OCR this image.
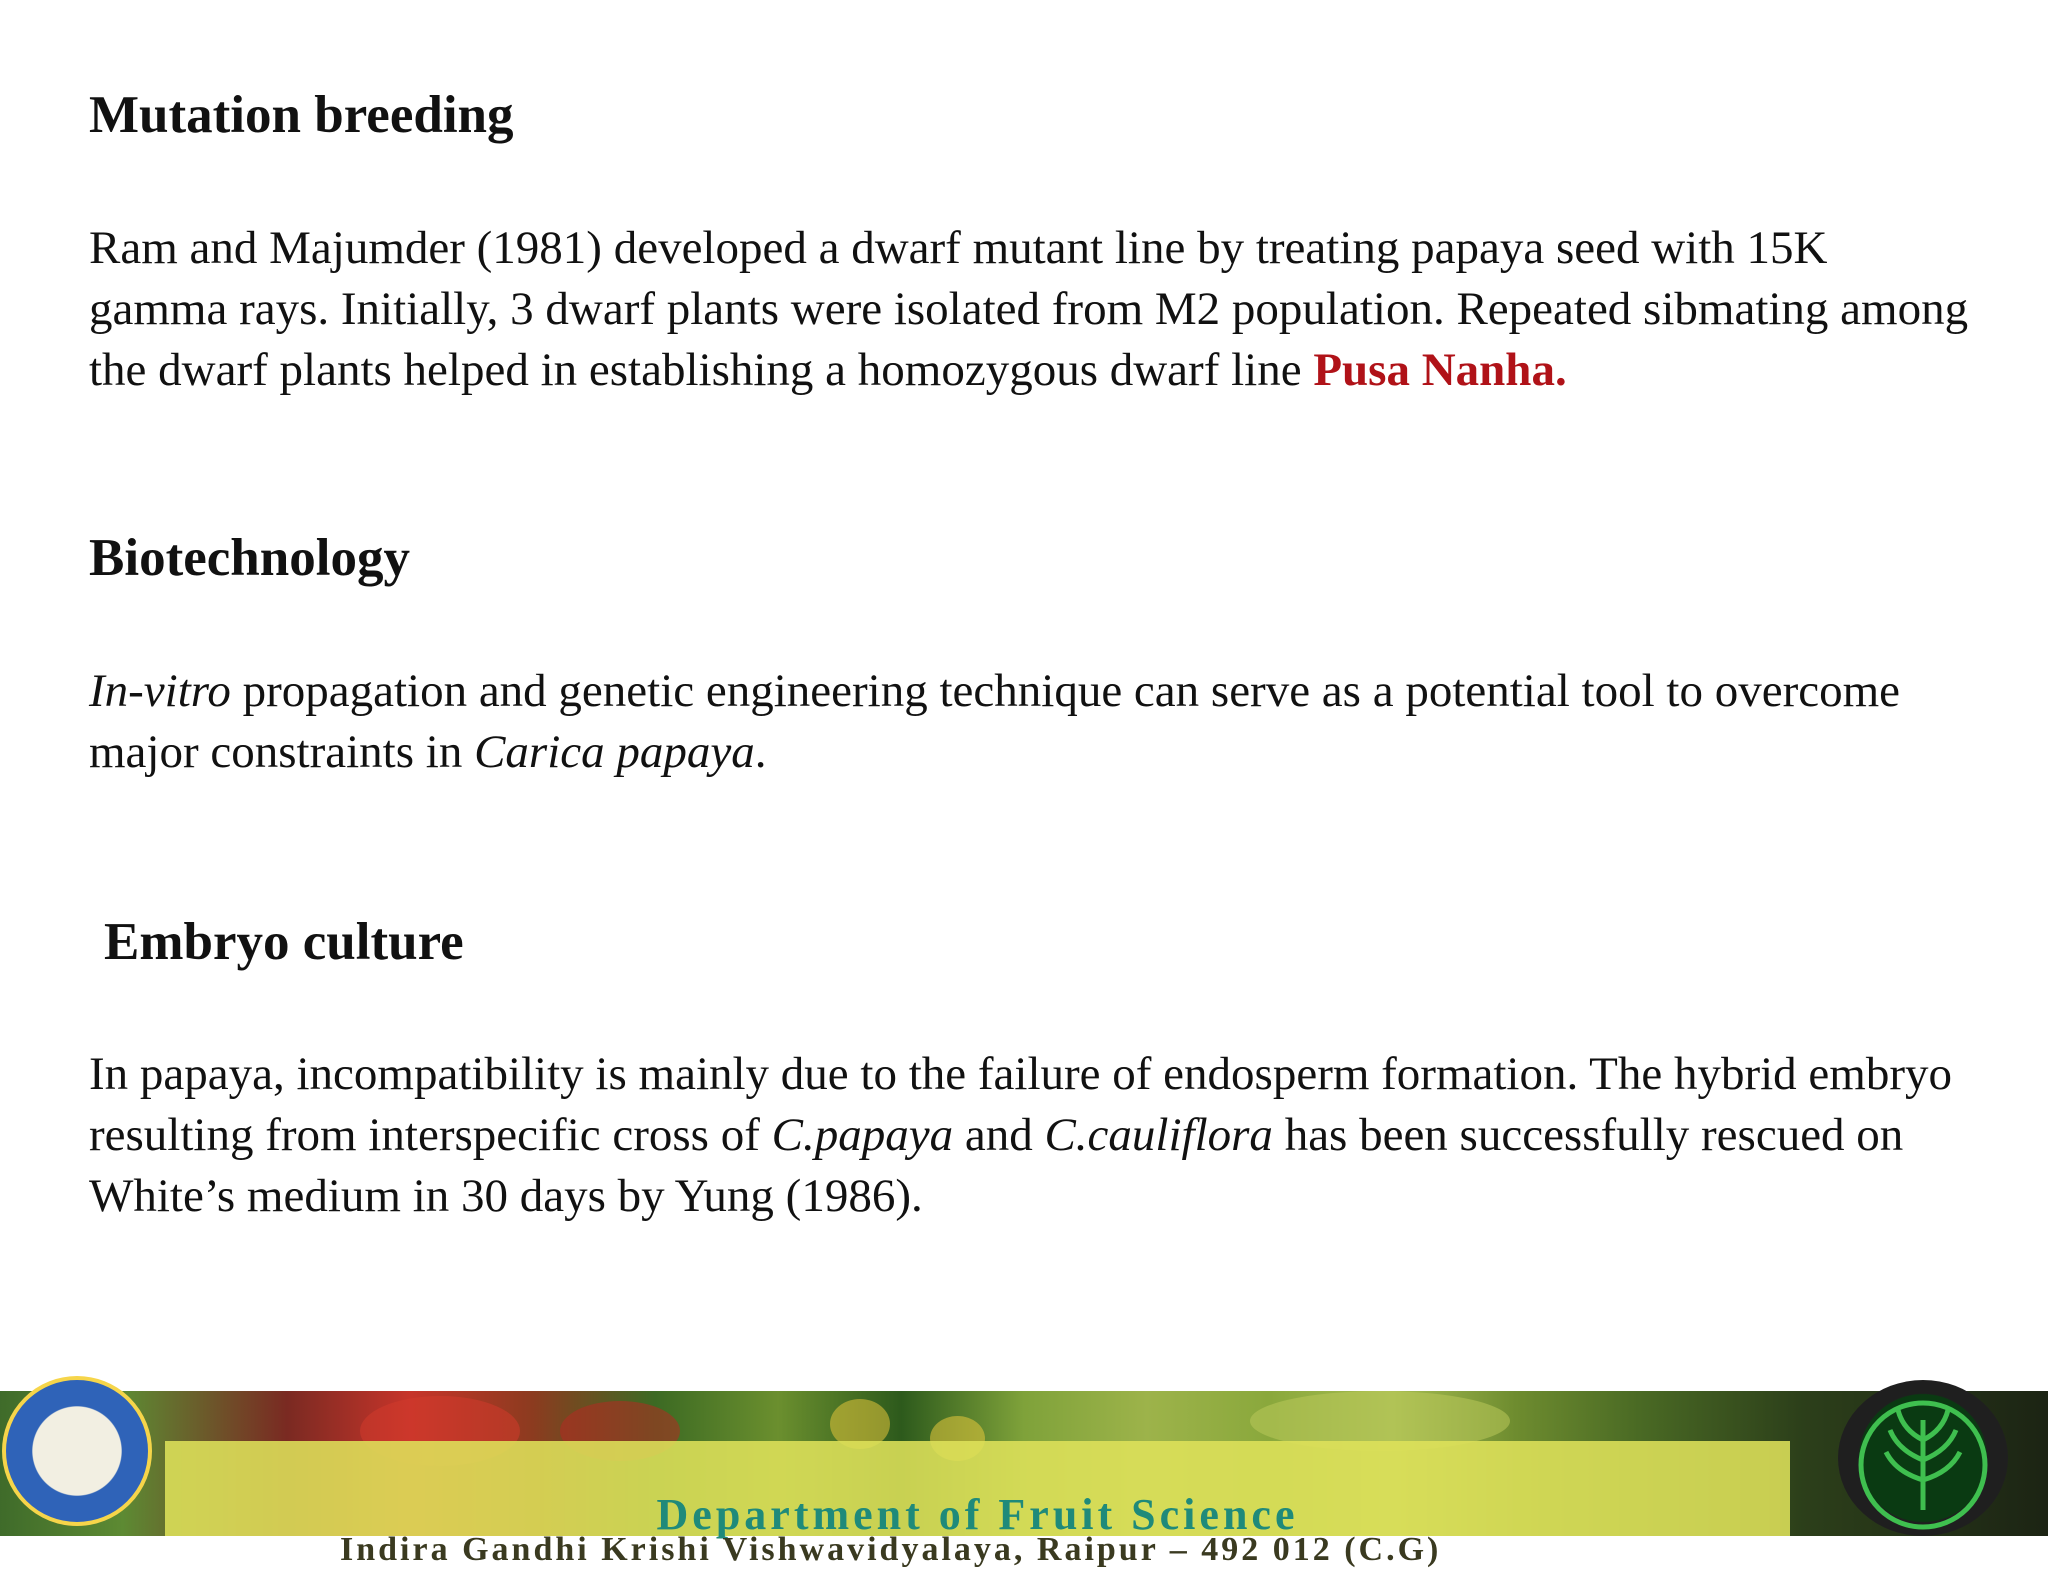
Mutation breeding

Ram and Majumder (1981) developed a dwarf mutant line by treating papaya seed with 15K gamma rays. Initially, 3 dwarf plants were isolated from M2 population. Repeated sibmating among the dwarf plants helped in establishing a homozygous dwarf line Pusa Nanha.

Biotechnology

In-vitro propagation and genetic engineering technique can serve as a potential tool to overcome major constraints in Carica papaya.

Embryo culture

In papaya, incompatibility is mainly due to the failure of endosperm formation. The hybrid embryo resulting from interspecific cross of C.papaya and C.cauliflora has been successfully rescued on White’s medium in 30 days by Yung (1986).

Department of Fruit Science
Indira Gandhi Krishi Vishwavidyalaya, Raipur – 492 012 (C.G)
